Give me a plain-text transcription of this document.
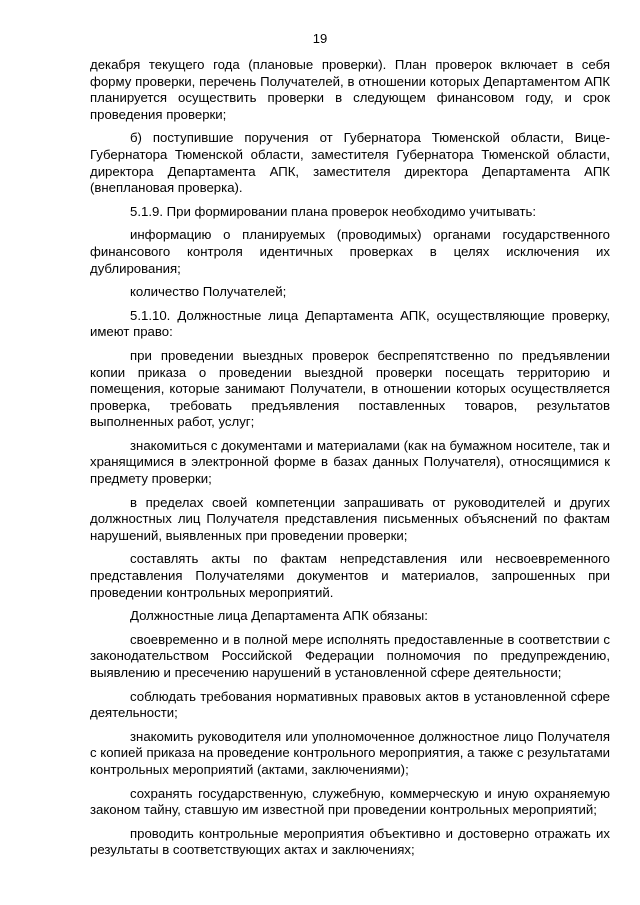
19

декабря текущего года (плановые проверки). План проверок включает в себя форму проверки, перечень Получателей, в отношении которых Департаментом АПК планируется осуществить проверки в следующем финансовом году, и срок проведения проверки;

б) поступившие поручения от Губернатора Тюменской области, Вице-Губернатора Тюменской области, заместителя Губернатора Тюменской области, директора Департамента АПК, заместителя директора Департамента АПК (внеплановая проверка).

5.1.9. При формировании плана проверок необходимо учитывать:

информацию о планируемых (проводимых) органами государственного финансового контроля идентичных проверках в целях исключения их дублирования;

количество Получателей;

5.1.10. Должностные лица Департамента АПК, осуществляющие проверку, имеют право:

при проведении выездных проверок беспрепятственно по предъявлении копии приказа о проведении выездной проверки посещать территорию и помещения, которые занимают Получатели, в отношении которых осуществляется проверка, требовать предъявления поставленных товаров, результатов выполненных работ, услуг;

знакомиться с документами и материалами (как на бумажном носителе, так и хранящимися в электронной форме в базах данных Получателя), относящимися к предмету проверки;

в пределах своей компетенции запрашивать от руководителей и других должностных лиц Получателя представления письменных объяснений по фактам нарушений, выявленных при проведении проверки;

составлять акты по фактам непредставления или несвоевременного представления Получателями документов и материалов, запрошенных при проведении контрольных мероприятий.

Должностные лица Департамента АПК обязаны:

своевременно и в полной мере исполнять предоставленные в соответствии с законодательством Российской Федерации полномочия по предупреждению, выявлению и пресечению нарушений в установленной сфере деятельности;

соблюдать требования нормативных правовых актов в установленной сфере деятельности;

знакомить руководителя или уполномоченное должностное лицо Получателя с копией приказа на проведение контрольного мероприятия, а также с результатами контрольных мероприятий (актами, заключениями);

сохранять государственную, служебную, коммерческую и иную охраняемую законом тайну, ставшую им известной при проведении контрольных мероприятий;

проводить контрольные мероприятия объективно и достоверно отражать их результаты в соответствующих актах и заключениях;
